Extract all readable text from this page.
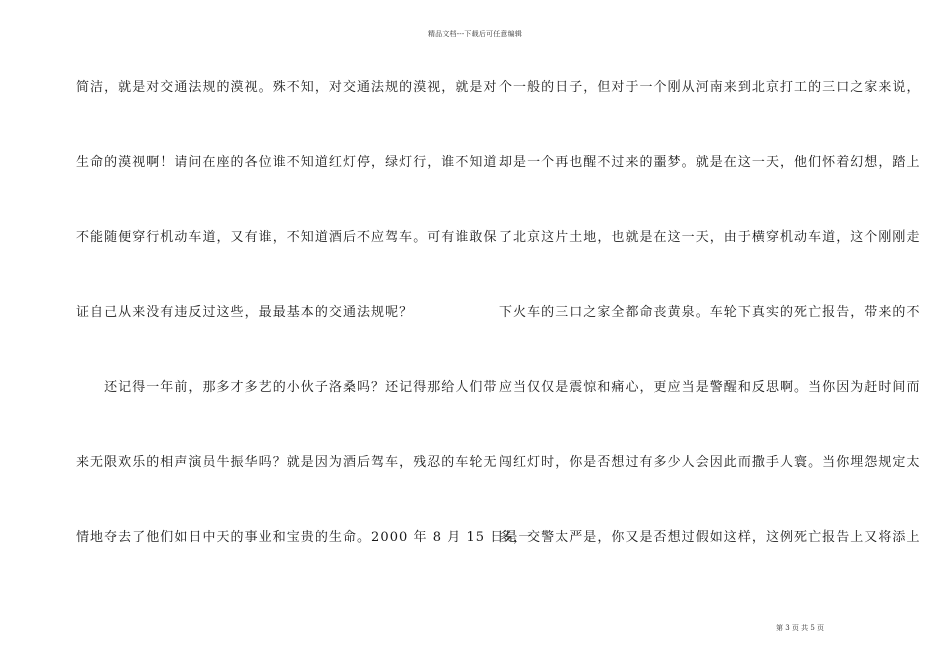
精品文档---下载后可任意编辑
简洁，就是对交通法规的漠视。殊不知，对交通法规的漠视，就是对
生命的漠视啊！请问在座的各位谁不知道红灯停，绿灯行，谁不知道
不能随便穿行机动车道，又有谁，不知道酒后不应驾车。可有谁敢保
证自己从来没有违反过这些，最最基本的交通法规呢？
　　还记得一年前，那多才多艺的小伙子洛桑吗？还记得那给人们带
来无限欢乐的相声演员牛振华吗？就是因为酒后驾车，残忍的车轮无
情地夺去了他们如日中天的事业和宝贵的生命。2000 年 8 月 15 日是一
个一般的日子，但对于一个刚从河南来到北京打工的三口之家来说，
却是一个再也醒不过来的噩梦。就是在这一天，他们怀着幻想，踏上
了北京这片土地，也就是在这一天，由于横穿机动车道，这个刚刚走
下火车的三口之家全都命丧黄泉。车轮下真实的死亡报告，带来的不
应当仅仅是震惊和痛心，更应当是警醒和反思啊。当你因为赶时间而
闯红灯时，你是否想过有多少人会因此而撒手人寰。当你埋怨规定太
多，交警太严是，你又是否想过假如这样，这例死亡报告上又将添上
第 3 页 共 5 页
